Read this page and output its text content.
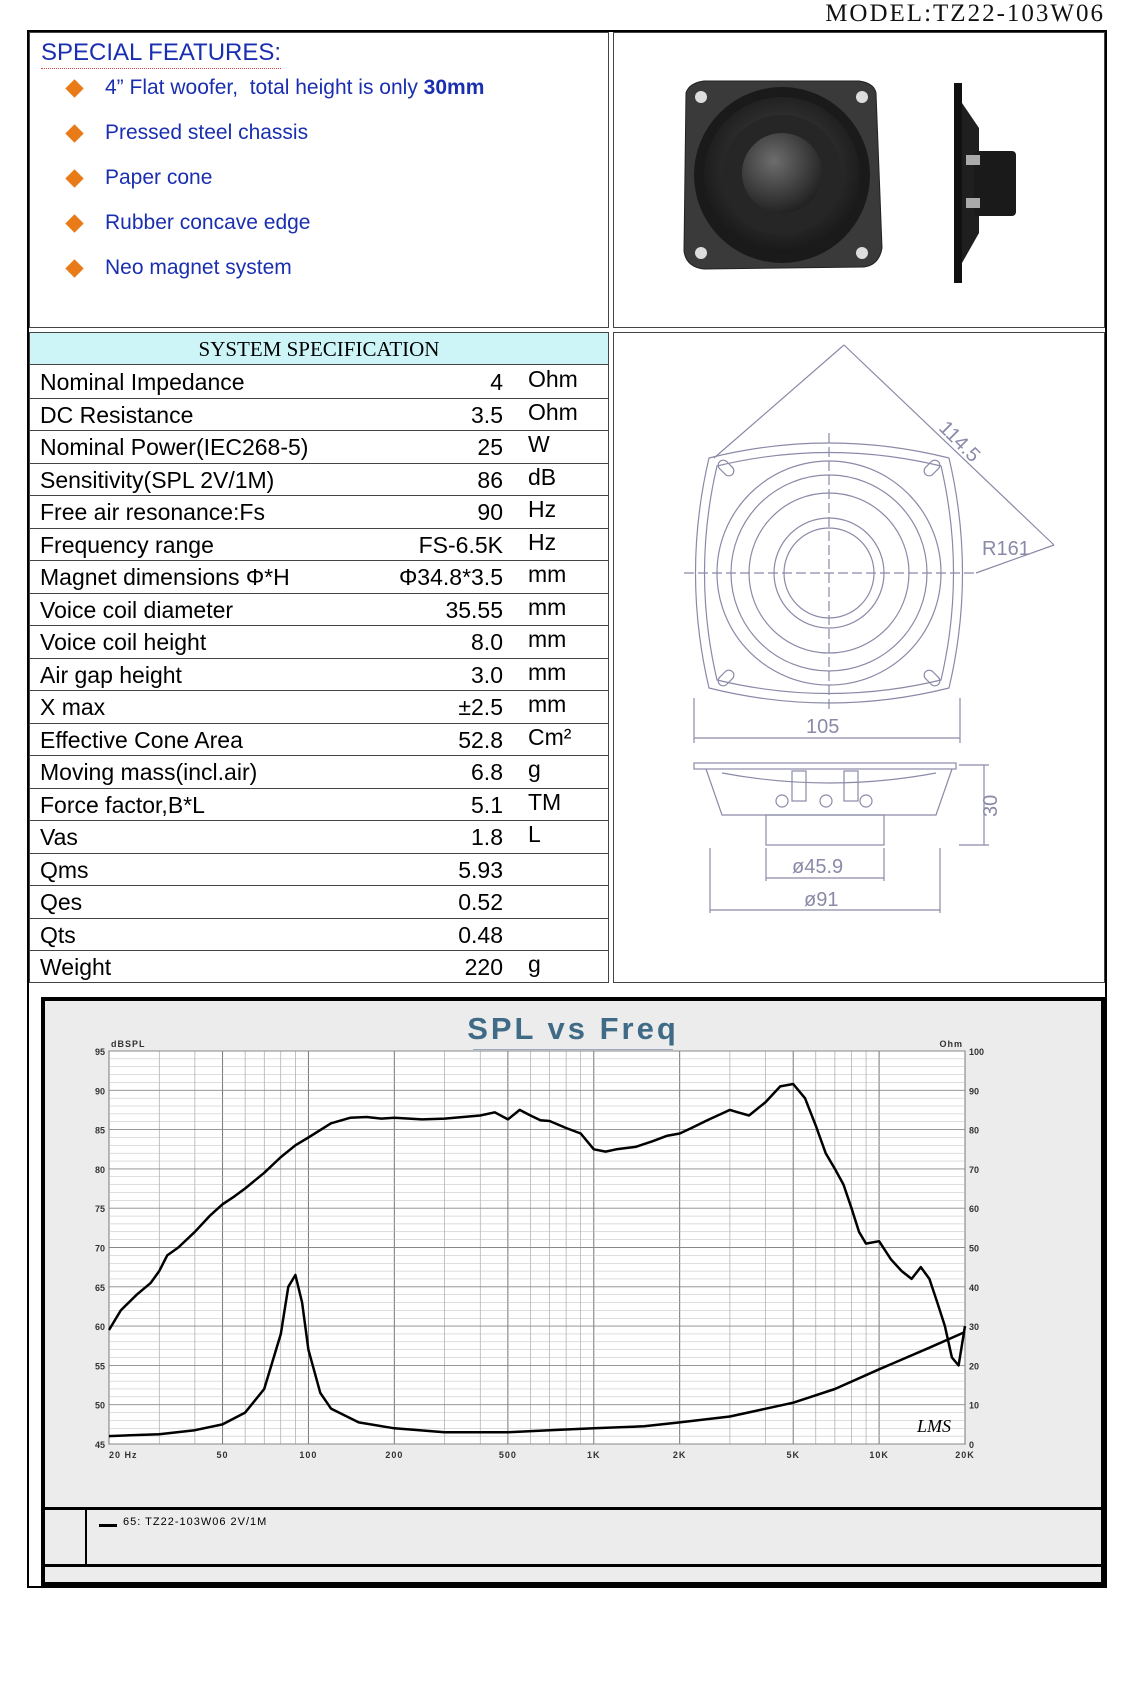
MODEL:TZ22-103W06
SPECIAL FEATURES:
4” Flat woofer,  total height is only 30mm
Pressed steel chassis
Paper cone
Rubber concave edge
Neo magnet system
SYSTEM SPECIFICATION
Nominal Impedance	4 Ohm
DC Resistance	3.5 Ohm
Nominal Power(IEC268-5)	25 W
Sensitivity(SPL 2V/1M)	86 dB
Free air resonance:Fs	90 Hz
Frequency range	FS-6.5K Hz
Magnet dimensions Φ*H	Φ34.8*3.5 mm
Voice coil diameter	35.55 mm
Voice coil height	8.0 mm
Air gap height	3.0 mm
X max	±2.5 mm
Effective Cone Area	52.8 Cm²
Moving mass(incl.air)	6.8 g
Force factor,B*L	5.1 TM
Vas	1.8 L
Qms	5.93
Qes	0.52
Qts	0.48
Weight	220 g
114.5
R161
105
30
ø45.9
ø91
45
50
55
60
65
70
75
80
85
90
95
0
10
20
30
40
50
60
70
80
90
100
20 Hz	50	100	200	500	1K	2K	5K	10K	20K
dBSPL	Ohm
LMS
SPL vs Freq
65: TZ22-103W06 2V/1M
